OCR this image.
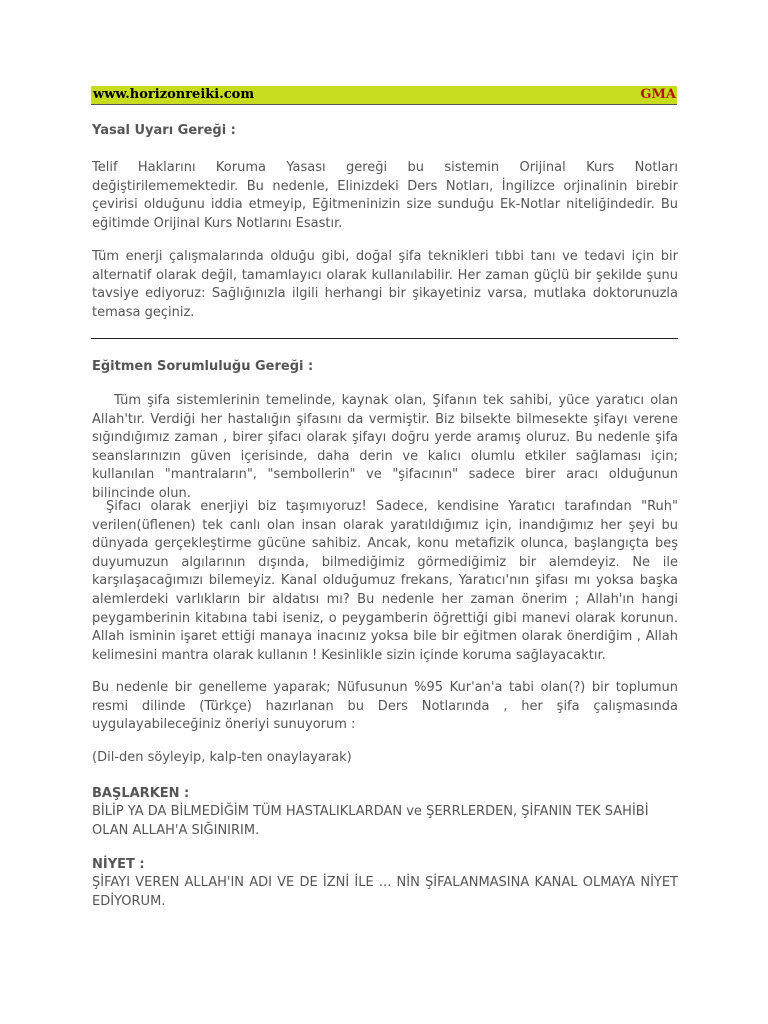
www.horizonreiki.com	GMA
Yasal Uyarı Gereği :
Telif Haklarını Koruma Yasası gereği bu sistemin Orijinal Kurs Notları değiştirilememektedir. Bu nedenle, Elinizdeki Ders Notları, İngilizce orjinalinin birebir çevirisi olduğunu iddia etmeyip, Eğitmeninizin size sunduğu Ek-Notlar niteliğindedir. Bu eğitimde Orijinal Kurs Notlarını Esastır.
Tüm enerji çalışmalarında olduğu gibi, doğal şifa teknikleri tıbbi tanı ve tedavi için bir alternatif olarak değil, tamamlayıcı olarak kullanılabilir. Her zaman güçlü bir şekilde şunu tavsiye ediyoruz: Sağlığınızla ilgili herhangi bir şikayetiniz varsa, mutlaka doktorunuzla temasa geçiniz.
Eğitmen Sorumluluğu Gereği :
Tüm şifa sistemlerinin temelinde, kaynak olan, Şifanın tek sahibi, yüce yaratıcı olan Allah'tır. Verdiği her hastalığın şifasını da vermiştir. Biz bilsekte bilmesekte şifayı verene sığındığımız zaman , birer şifacı olarak şifayı doğru yerde aramış oluruz. Bu nedenle şifa seanslarınızın güven içerisinde, daha derin ve kalıcı olumlu etkiler sağlaması için; kullanılan "mantraların", "sembollerin" ve "şifacının" sadece birer aracı olduğunun bilincinde olun.
Şifacı olarak enerjiyi biz taşımıyoruz! Sadece, kendisine Yaratıcı tarafından "Ruh" verilen(üflenen) tek canlı olan insan olarak yaratıldığımız için, inandığımız her şeyi bu dünyada gerçekleştirme gücüne sahibiz. Ancak, konu metafizik olunca, başlangıçta beş duyumuzun algılarının dışında, bilmediğimiz görmediğimiz bir alemdeyiz. Ne ile karşılaşacağımızı bilemeyiz. Kanal olduğumuz frekans, Yaratıcı'nın şifası mı yoksa başka alemlerdeki varlıkların bir aldatısı mı? Bu nedenle her zaman önerim ; Allah'ın hangi peygamberinin kitabına tabi iseniz, o peygamberin öğrettiği gibi manevi olarak korunun. Allah isminin işaret ettiği manaya inacınız yoksa bile bir eğitmen olarak önerdiğim , Allah kelimesini mantra olarak kullanın ! Kesinlikle sizin içinde koruma sağlayacaktır.
Bu nedenle bir genelleme yaparak; Nüfusunun %95 Kur'an'a tabi olan(?) bir toplumun resmi dilinde (Türkçe) hazırlanan bu Ders Notlarında , her şifa çalışmasında uygulayabileceğiniz öneriyi sunuyorum :
(Dil-den söyleyip, kalp-ten onaylayarak)
BAŞLARKEN :
BİLİP YA DA BİLMEDİĞİM TÜM HASTALIKLARDAN ve ŞERRLERDEN, ŞİFANIN TEK SAHİBİ OLAN ALLAH'A SIĞINIRIM.
NİYET :
ŞİFAYI VEREN ALLAH'IN ADI VE DE İZNİ İLE ... NİN ŞİFALANMASINA KANAL OLMAYA NİYET EDİYORUM.
